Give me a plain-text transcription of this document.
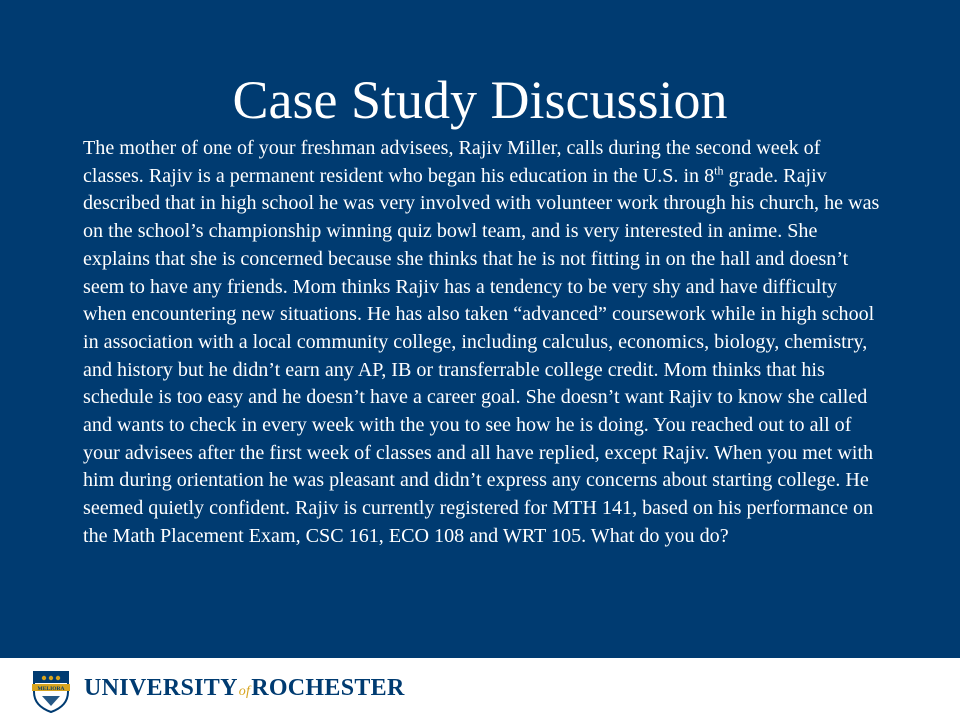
Case Study Discussion

The mother of one of your freshman advisees, Rajiv Miller, calls during the second week of classes. Rajiv is a permanent resident who began his education in the U.S. in 8th grade. Rajiv described that in high school he was very involved with volunteer work through his church, he was on the school’s championship winning quiz bowl team, and is very interested in anime. She explains that she is concerned because she thinks that he is not fitting in on the hall and doesn’t seem to have any friends. Mom thinks Rajiv has a tendency to be very shy and have difficulty when encountering new situations. He has also taken “advanced” coursework while in high school in association with a local community college, including calculus, economics, biology, chemistry, and history but he didn’t earn any AP, IB or transferrable college credit. Mom thinks that his schedule is too easy and he doesn’t have a career goal. She doesn’t want Rajiv to know she called and wants to check in every week with the you to see how he is doing. You reached out to all of your advisees after the first week of classes and all have replied, except Rajiv. When you met with him during orientation he was pleasant and didn’t express any concerns about starting college. He seemed quietly confident. Rajiv is currently registered for MTH 141, based on his performance on the Math Placement Exam, CSC 161, ECO 108 and WRT 105. What do you do?

MELIORA UNIVERSITYofROCHESTER
